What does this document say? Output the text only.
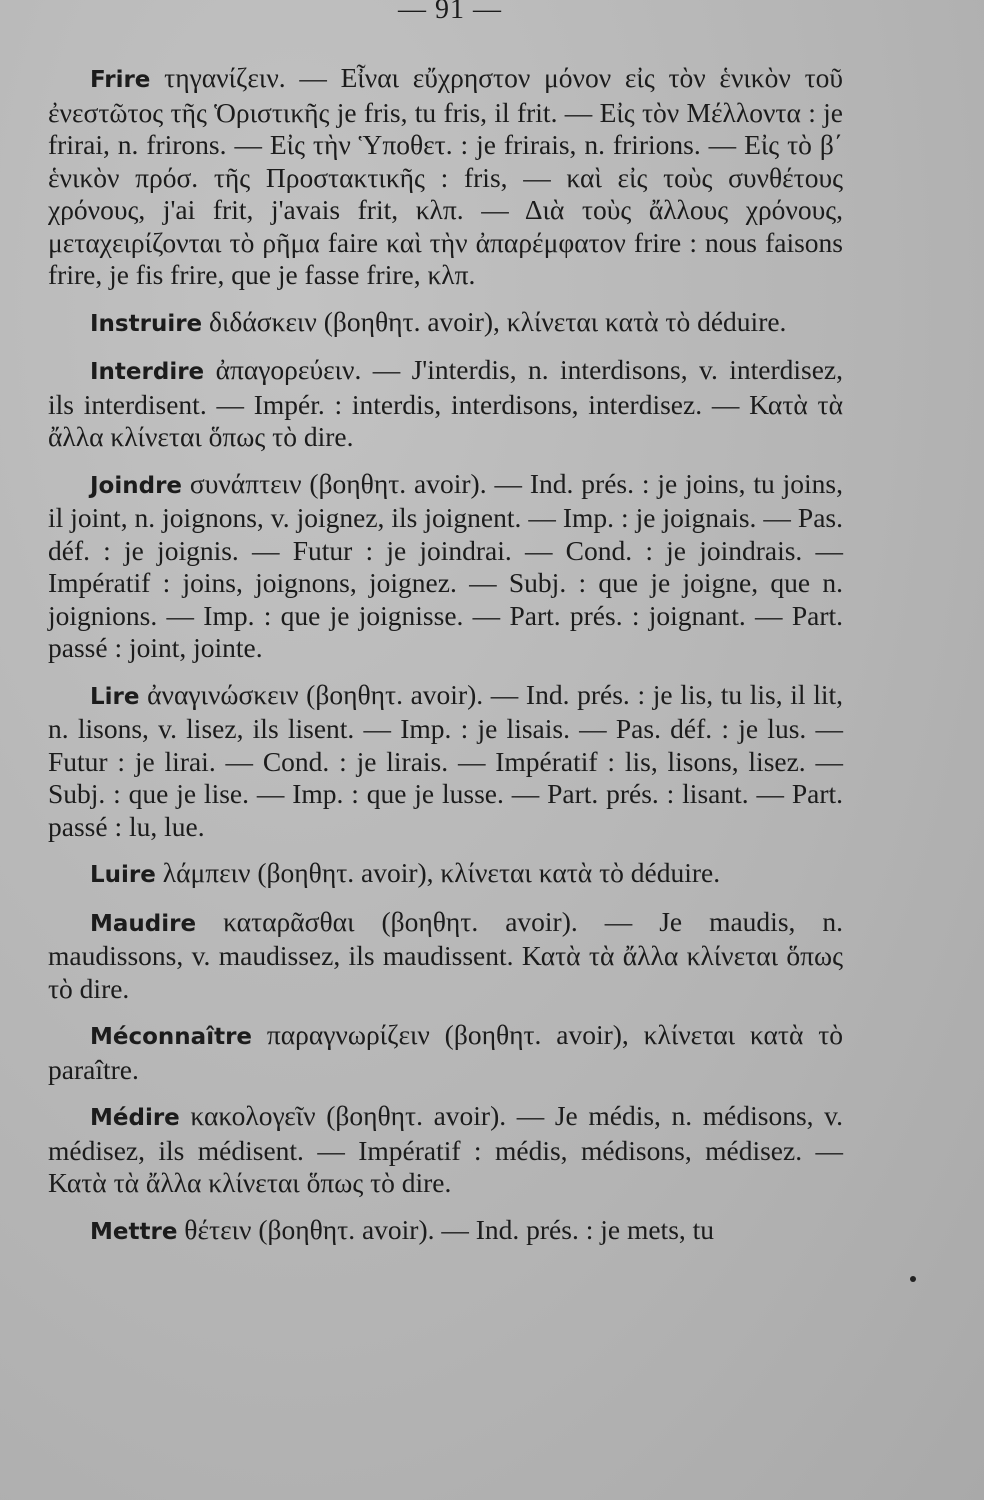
— 91 —

Frire τηγανίζειν. — Εἶναι εὔχρηστον μόνον εἰς τὸν ἑνικὸν τοῦ ἐνεστῶτος τῆς Ὁριστικῆς je fris, tu fris, il frit. — Εἰς τὸν Μέλλοντα : je frirai, n. frirons. — Εἰς τὴν Ὑποθετ. : je frirais, n. fririons. — Εἰς τὸ β΄ ἑνικὸν πρόσ. τῆς Προστακτικῆς : fris, — καὶ εἰς τοὺς συνθέτους χρόνους, j'ai frit, j'avais frit, κλπ. — Διὰ τοὺς ἄλλους χρόνους, μεταχειρίζονται τὸ ρῆμα faire καὶ τὴν ἀπαρέμφατον frire : nous faisons frire, je fis frire, que je fasse frire, κλπ.

Instruire διδάσκειν (βοηθητ. avoir), κλίνεται κατὰ τὸ déduire.

Interdire ἀπαγορεύειν. — J'interdis, n. interdisons, v. interdisez, ils interdisent. — Impér. : interdis, interdisons, interdisez. — Κατὰ τὰ ἄλλα κλίνεται ὅπως τὸ dire.

Joindre συνάπτειν (βοηθητ. avoir). — Ind. prés. : je joins, tu joins, il joint, n. joignons, v. joignez, ils joignent. — Imp. : je joignais. — Pas. déf. : je joignis. — Futur : je joindrai. — Cond. : je joindrais. — Impératif : joins, joignons, joignez. — Subj. : que je joigne, que n. joignions. — Imp. : que je joignisse. — Part. prés. : joignant. — Part. passé : joint, jointe.

Lire ἀναγινώσκειν (βοηθητ. avoir). — Ind. prés. : je lis, tu lis, il lit, n. lisons, v. lisez, ils lisent. — Imp. : je lisais. — Pas. déf. : je lus. — Futur : je lirai. — Cond. : je lirais. — Impératif : lis, lisons, lisez. — Subj. : que je lise. — Imp. : que je lusse. — Part. prés. : lisant. — Part. passé : lu, lue.

Luire λάμπειν (βοηθητ. avoir), κλίνεται κατὰ τὸ déduire.

Maudire καταρᾶσθαι (βοηθητ. avoir). — Je maudis, n. maudissons, v. maudissez, ils maudissent. Κατὰ τὰ ἄλλα κλίνεται ὅπως τὸ dire.

Méconnaître παραγνωρίζειν (βοηθητ. avoir), κλίνεται κατὰ τὸ paraître.

Médire κακολογεῖν (βοηθητ. avoir). — Je médis, n. médisons, v. médisez, ils médisent. — Impératif : médis, médisons, médisez. — Κατὰ τὰ ἄλλα κλίνεται ὅπως τὸ dire.

Mettre θέτειν (βοηθητ. avoir). — Ind. prés. : je mets, tu
